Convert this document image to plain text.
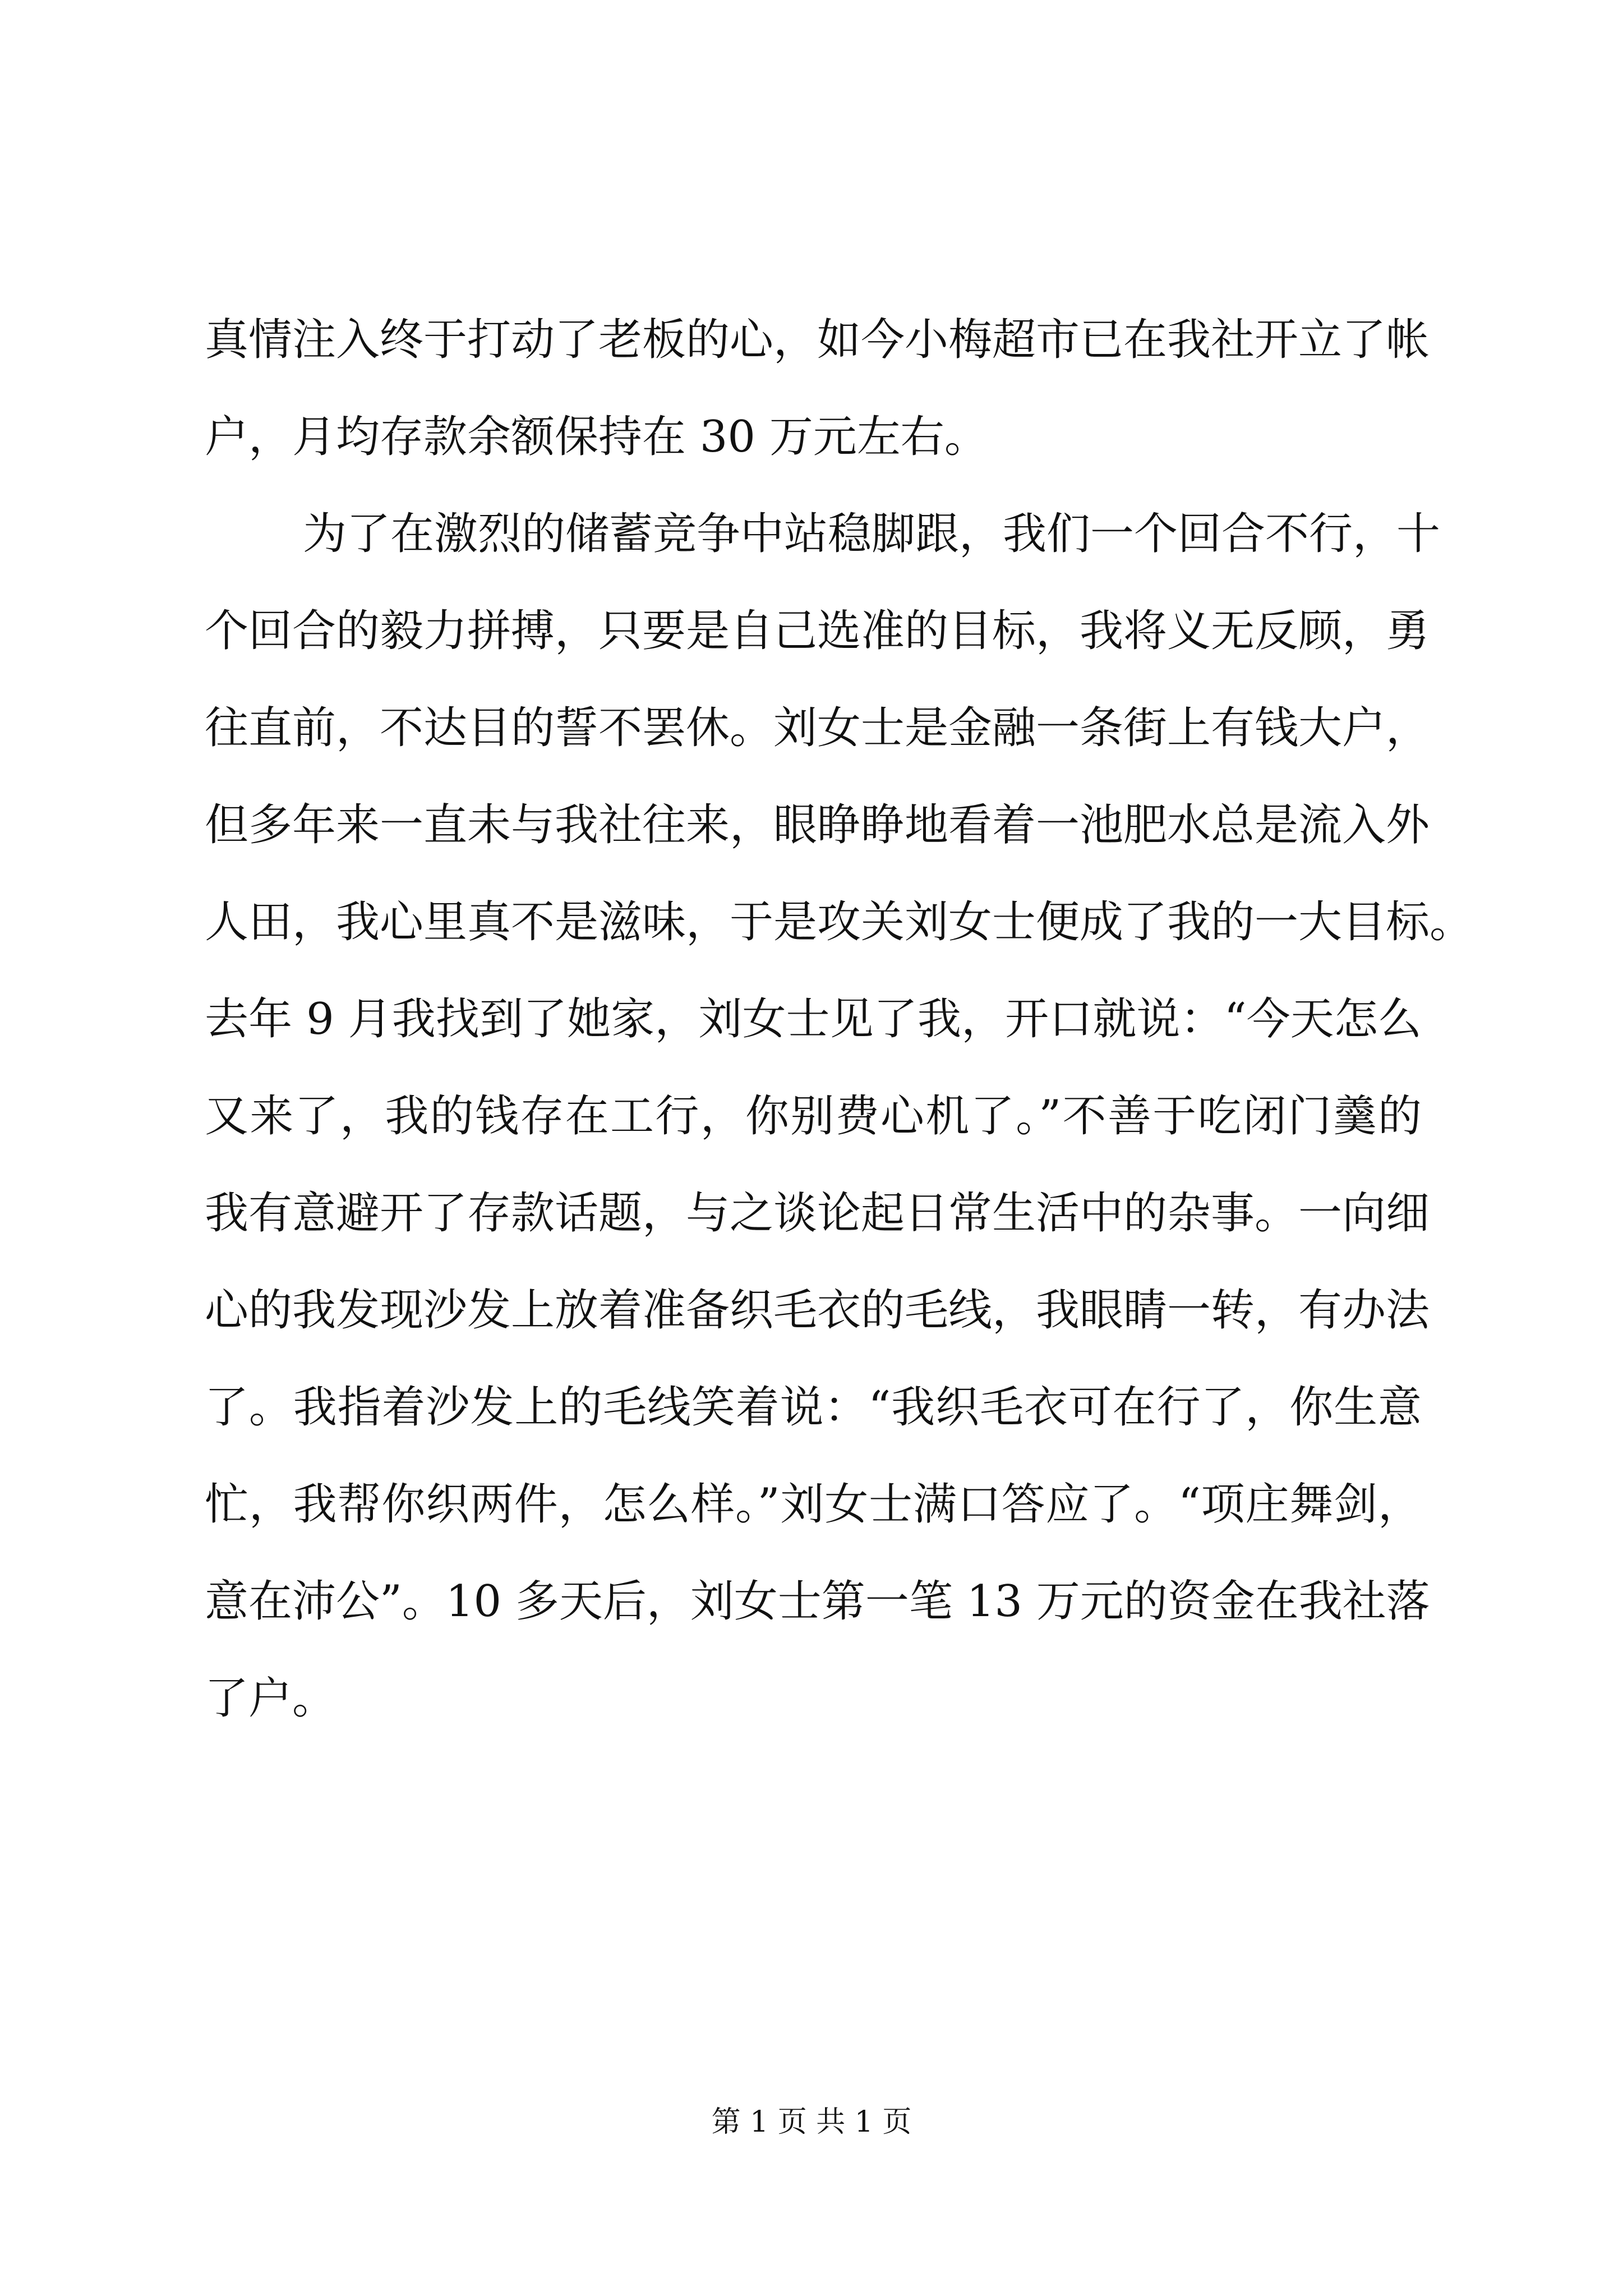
真情注入终于打动了老板的心，如今小梅超市已在我社开立了帐
户，月均存款余额保持在 30 万元左右。
为了在激烈的储蓄竞争中站稳脚跟，我们一个回合不行，十
个回合的毅力拼搏，只要是自己选准的目标，我将义无反顾，勇
往直前，不达目的誓不罢休。刘女士是金融一条街上有钱大户，
但多年来一直未与我社往来，眼睁睁地看着一池肥水总是流入外
人田，我心里真不是滋味，于是攻关刘女士便成了我的一大目标。
去年 9 月我找到了她家，刘女士见了我，开口就说：“今天怎么
又来了，我的钱存在工行，你别费心机了。”不善于吃闭门羹的
我有意避开了存款话题，与之谈论起日常生活中的杂事。一向细
心的我发现沙发上放着准备织毛衣的毛线，我眼睛一转，有办法
了。我指着沙发上的毛线笑着说：“我织毛衣可在行了，你生意
忙，我帮你织两件，怎么样。”刘女士满口答应了。“项庄舞剑，
意在沛公”。10 多天后，刘女士第一笔 13 万元的资金在我社落
了户。
第 1 页 共 1 页
